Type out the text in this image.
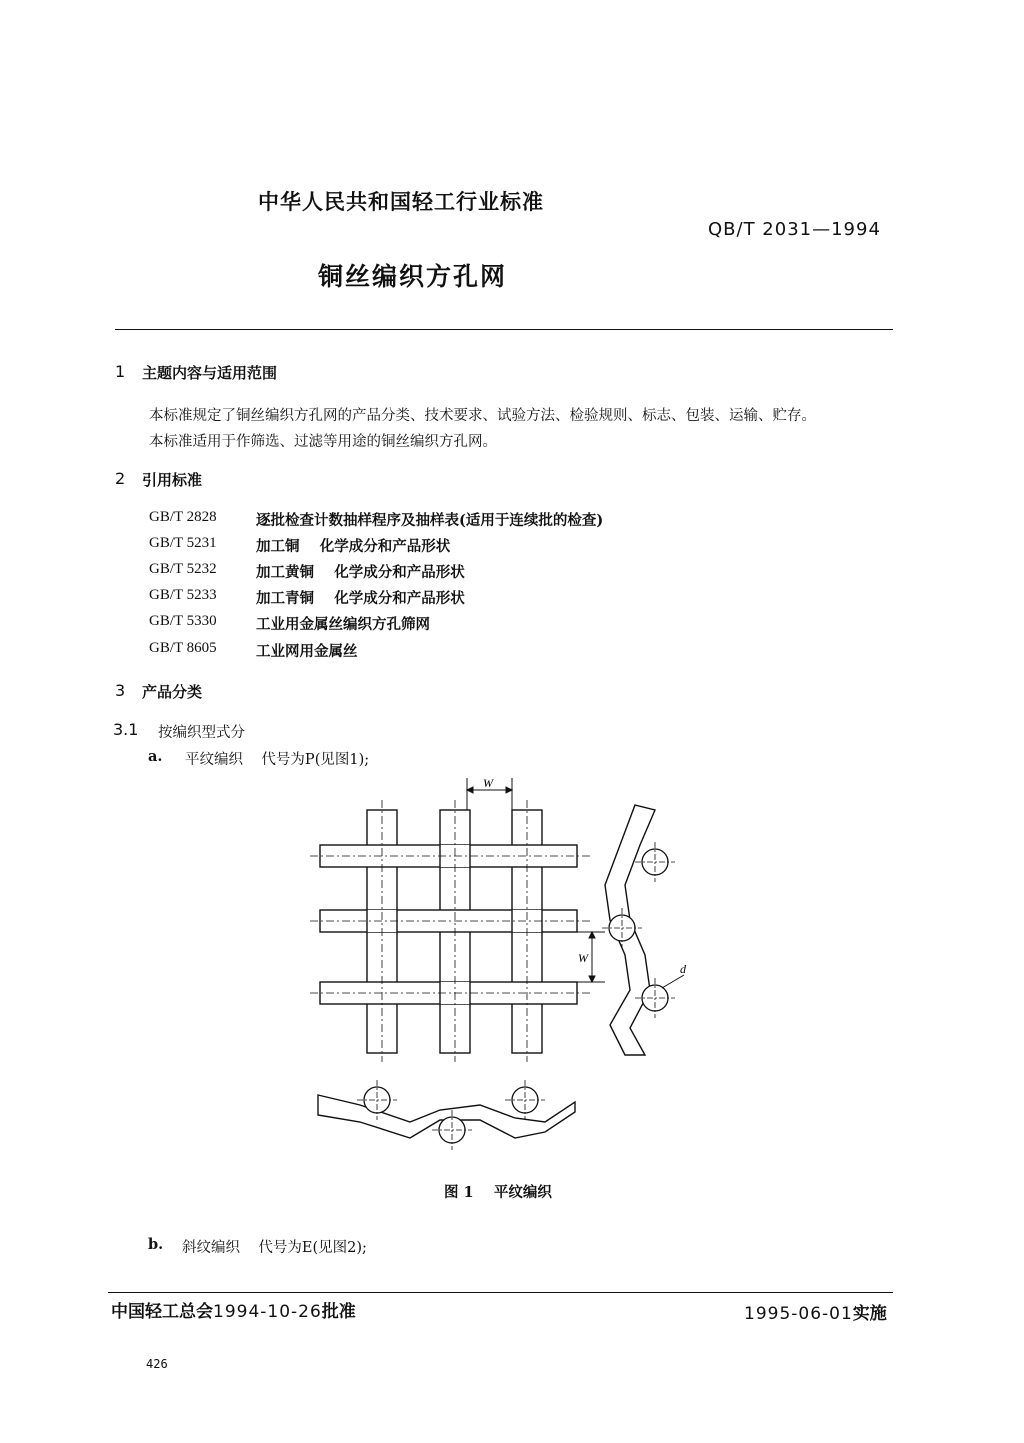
中华人民共和国轻工行业标准
QB/T 2031—1994
铜丝编织方孔网
1 主题内容与适用范围
本标准规定了铜丝编织方孔网的产品分类、技术要求、试验方法、检验规则、标志、包装、运输、贮存。
本标准适用于作筛选、过滤等用途的铜丝编织方孔网。
2 引用标准
GB/T 2828	逐批检查计数抽样程序及抽样表(适用于连续批的检查)
GB/T 5231	加工铜    化学成分和产品形状
GB/T 5232	加工黄铜    化学成分和产品形状
GB/T 5233	加工青铜    化学成分和产品形状
GB/T 5330	工业用金属丝编织方孔筛网
GB/T 8605	工业网用金属丝
3 产品分类
3.1 按编织型式分
a. 平纹编织    代号为P(见图1);
W
W
d
图 1    平纹编织
b. 斜纹编织    代号为E(见图2);
中国轻工总会1994-10-26批准	1995-06-01实施
426
